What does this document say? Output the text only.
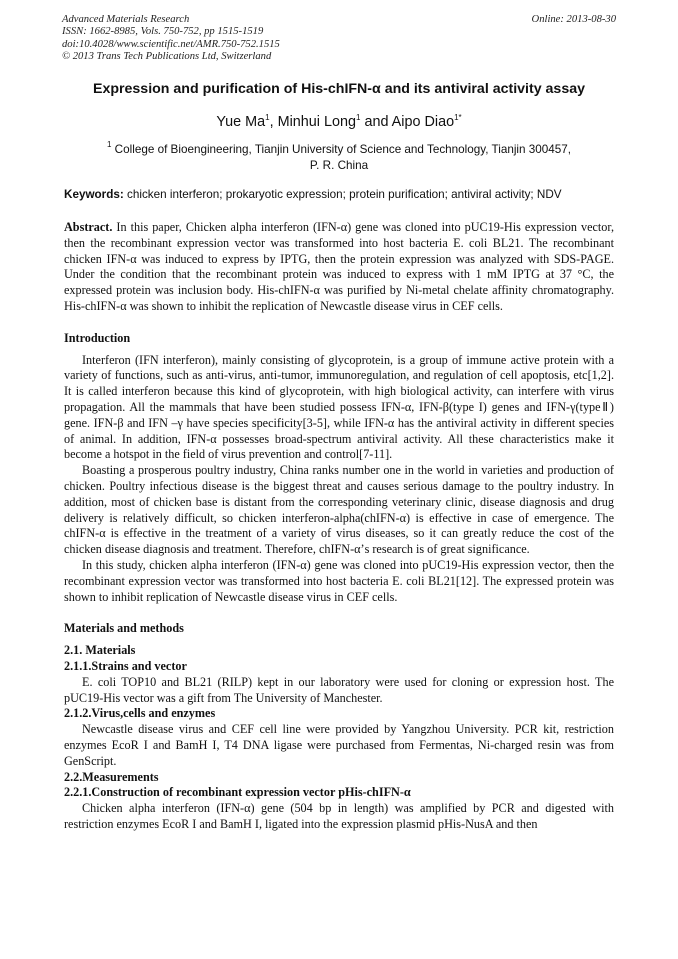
Advanced Materials Research
ISSN: 1662-8985, Vols. 750-752, pp 1515-1519
doi:10.4028/www.scientific.net/AMR.750-752.1515
© 2013 Trans Tech Publications Ltd, Switzerland
Online: 2013-08-30
Expression and purification of His-chIFN-α and its antiviral activity assay
Yue Ma$^1$, Minhui Long$^1$ and Aipo Diao$^{1*}$
$^1$ College of Bioengineering, Tianjin University of Science and Technology, Tianjin 300457,
P. R. China
Keywords: chicken interferon; prokaryotic expression; protein purification; antiviral activity; NDV

Abstract. In this paper, Chicken alpha interferon (IFN-α) gene was cloned into pUC19-His expression vector, then the recombinant expression vector was transformed into host bacteria E. coli BL21. The recombinant chicken IFN-α was induced to express by IPTG, then the protein expression was analyzed with SDS-PAGE. Under the condition that the recombinant protein was induced to express with 1 mM IPTG at 37 °C, the expressed protein was inclusion body. His-chIFN-α was purified by Ni-metal chelate affinity chromatography. His-chIFN-α was shown to inhibit the replication of Newcastle disease virus in CEF cells.

Introduction

Interferon (IFN interferon), mainly consisting of glycoprotein, is a group of immune active protein with a variety of functions, such as anti-virus, anti-tumor, immunoregulation, and regulation of cell apoptosis, etc[1,2]. It is called interferon because this kind of glycoprotein, with high biological activity, can interfere with virus propagation. All the mammals that have been studied possess IFN-α, IFN-β(type I) genes and IFN-γ(typeⅡ) gene. IFN-β and IFN –γ have species specificity[3-5], while IFN-α has the antiviral activity in different species of animal. In addition, IFN-α possesses broad-spectrum antiviral activity. All these characteristics make it become a hotspot in the field of virus prevention and control[7-11].

Boasting a prosperous poultry industry, China ranks number one in the world in varieties and production of chicken. Poultry infectious disease is the biggest threat and causes serious damage to the poultry industry. In addition, most of chicken base is distant from the corresponding veterinary clinic, disease diagnosis and drug delivery is relatively difficult, so chicken interferon-alpha(chIFN-α) is effective in case of emergence. The chIFN-α is effective in the treatment of a variety of virus diseases, so it can greatly reduce the cost of the chicken disease diagnosis and treatment. Therefore, chIFN-α’s research is of great significance.

In this study, chicken alpha interferon (IFN-α) gene was cloned into pUC19-His expression vector, then the recombinant expression vector was transformed into host bacteria E. coli BL21[12]. The expressed protein was shown to inhibit replication of Newcastle disease virus in CEF cells.

Materials and methods
2.1. Materials
2.1.1.Strains and vector

E. coli TOP10 and BL21 (RILP) kept in our laboratory were used for cloning or expression host. The pUC19-His vector was a gift from The University of Manchester.

2.1.2.Virus,cells and enzymes

Newcastle disease virus and CEF cell line were provided by Yangzhou University. PCR kit, restriction enzymes EcoR I and BamH I, T4 DNA ligase were purchased from Fermentas, Ni-charged resin was from GenScript.

2.2.Measurements
2.2.1.Construction of recombinant expression vector pHis-chIFN-α

Chicken alpha interferon (IFN-α) gene (504 bp in length) was amplified by PCR and digested with restriction enzymes EcoR I and BamH I, ligated into the expression plasmid pHis-NusA and then
